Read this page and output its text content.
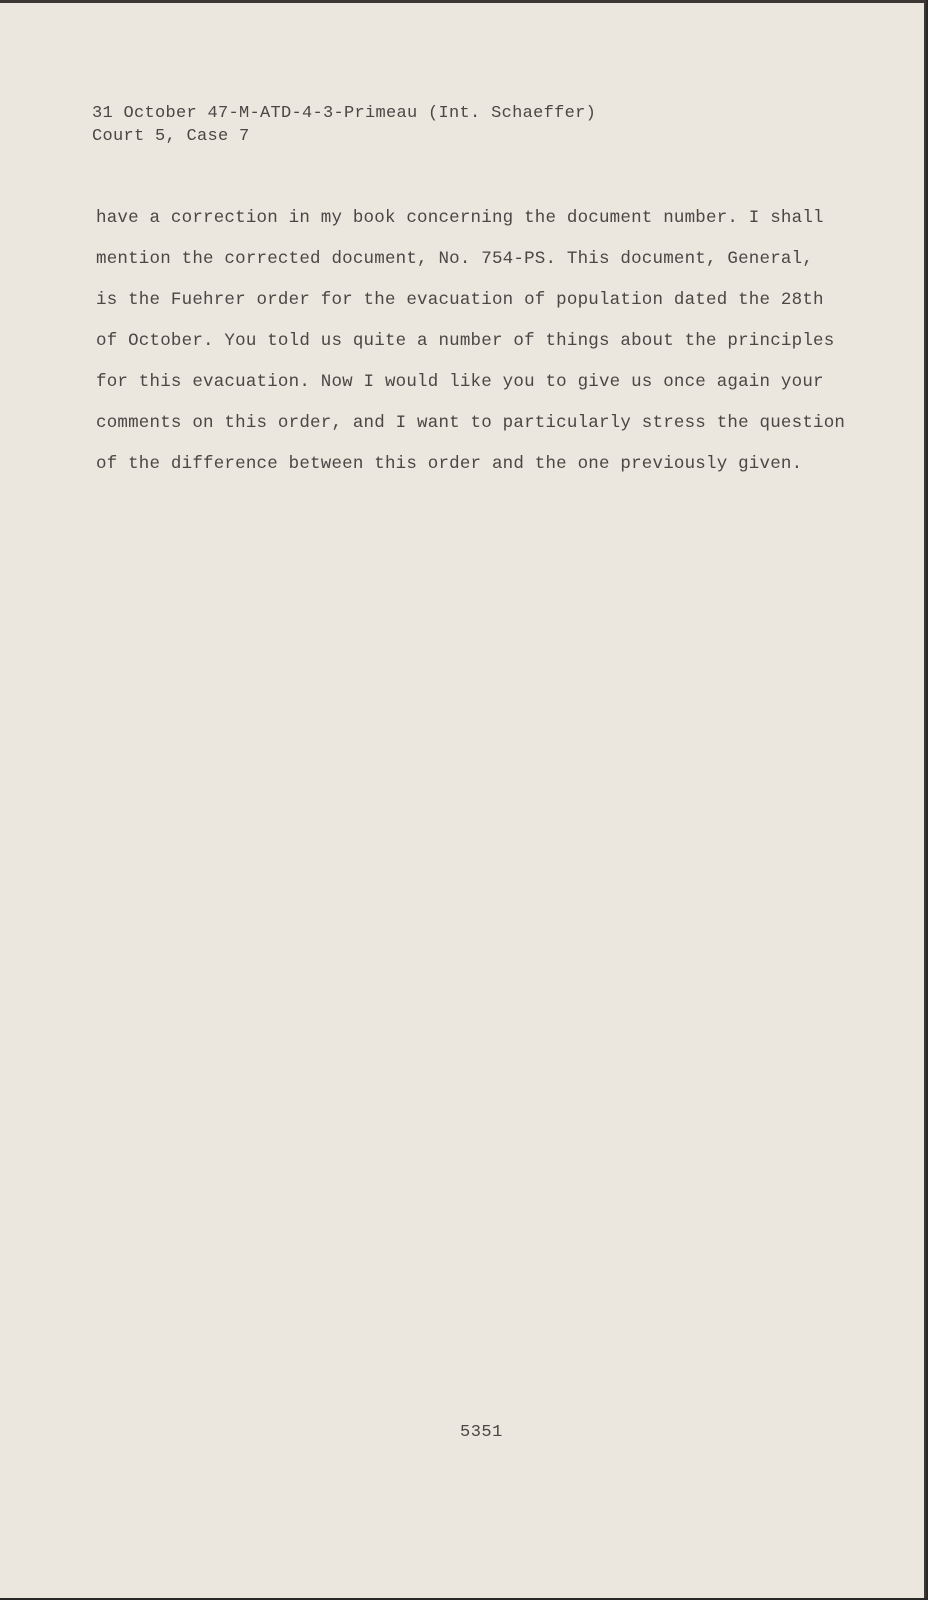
31 October 47-M-ATD-4-3-Primeau (Int. Schaeffer)
Court 5, Case 7
have a correction in my book concerning the document number. I shall
mention the corrected document, No. 754-PS. This document, General,
is the Fuehrer order for the evacuation of population dated the 28th
of October. You told us quite a number of things about the principles
for this evacuation. Now I would like you to give us once again your
comments on this order, and I want to particularly stress the question
of the difference between this order and the one previously given.
5351
